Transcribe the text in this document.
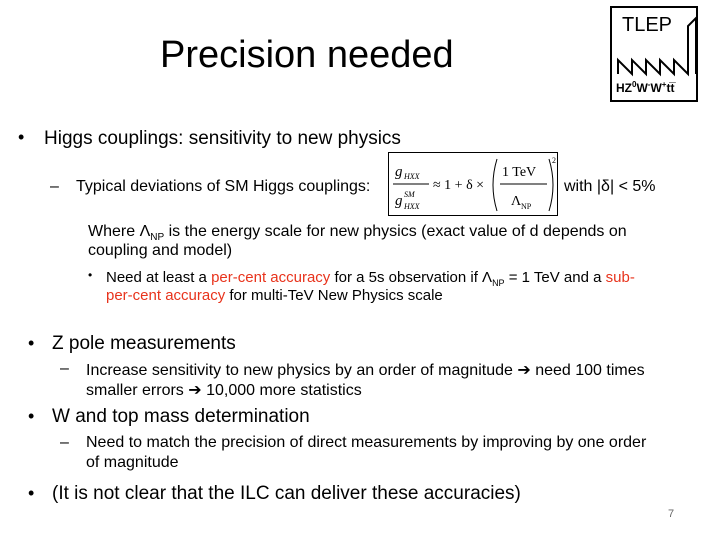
Precision needed
TLEP
$HZ^0W^-W^+tt̅$
• Higgs couplings: sensitivity to new physics
– Typical deviations of SM Higgs couplings:
g HXX
g SM
HXX
≈ 1 + δ ×
1 TeV
Λ NP
2
with |δ| < 5%
Where $\Lambda_{NP}$ is the energy scale for new physics (exact value of d depends on
coupling and model)
• Need at least a per-cent accuracy for a 5s observation if $\Lambda_{NP} = 1$ TeV and a sub-
per-cent accuracy for multi-TeV New Physics scale
• Z pole measurements
– Increase sensitivity to new physics by an order of magnitude ➔ need 100 times
smaller errors ➔ 10,000 more statistics
• W and top mass determination
– Need to match the precision of direct measurements by improving by one order
of magnitude
• (It is not clear that the ILC can deliver these accuracies)
7
